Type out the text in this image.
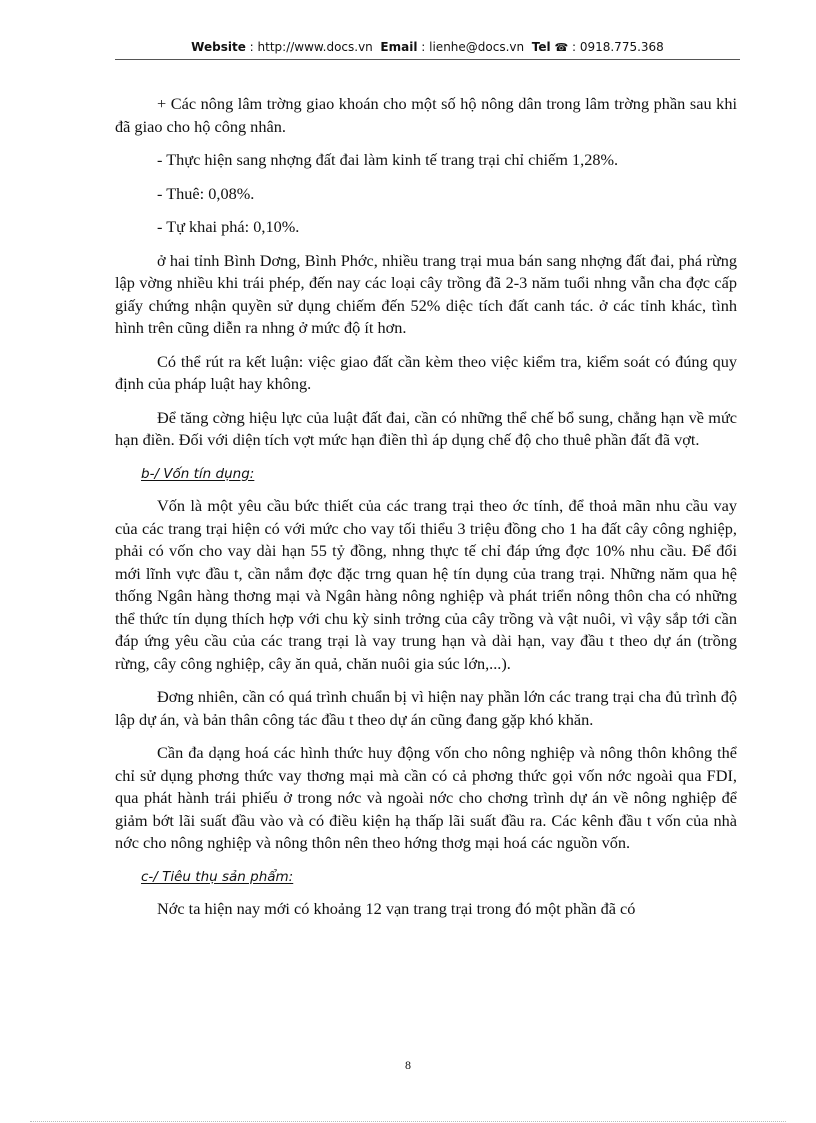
Website : http://www.docs.vn Email : lienhe@docs.vn Tel ☎ : 0918.775.368

+ Các nông lâm trờng giao khoán cho một số hộ nông dân trong lâm trờng phần sau khi đã giao cho hộ công nhân.

- Thực hiện sang nhợng đất đai làm kinh tế trang trại chỉ chiếm 1,28%.

- Thuê: 0,08%.

- Tự khai phá: 0,10%.

ở hai tỉnh Bình Dơng, Bình Phớc, nhiều trang trại mua bán sang nhợng đất đai, phá rừng lập vờng nhiều khi trái phép, đến nay các loại cây trồng đã 2-3 năm tuổi nhng vẫn cha đợc cấp giấy chứng nhận quyền sử dụng chiếm đến 52% diệc tích đất canh tác. ở các tỉnh khác, tình hình trên cũng diễn ra nhng ở mức độ ít hơn.

Có thể rút ra kết luận: việc giao đất cần kèm theo việc kiểm tra, kiểm soát có đúng quy định của pháp luật hay không.

Để tăng cờng hiệu lực của luật đất đai, cần có những thể chế bổ sung, chẳng hạn về mức hạn điền. Đối với diện tích vợt mức hạn điền thì áp dụng chế độ cho thuê phần đất đã vợt.

b-/ Vốn tín dụng:

Vốn là một yêu cầu bức thiết của các trang trại theo ớc tính, để thoả mãn nhu cầu vay của các trang trại hiện có với mức cho vay tối thiểu 3 triệu đồng cho 1 ha đất cây công nghiệp, phải có vốn cho vay dài hạn 55 tỷ đồng, nhng thực tế chỉ đáp ứng đợc 10% nhu cầu. Để đổi mới lĩnh vực đầu t, cần nắm đợc đặc trng quan hệ tín dụng của trang trại. Những năm qua hệ thống Ngân hàng thơng mại và Ngân hàng nông nghiệp và phát triển nông thôn cha có những thể thức tín dụng thích hợp với chu kỳ sinh trởng của cây trồng và vật nuôi, vì vậy sắp tới cần đáp ứng yêu cầu của các trang trại là vay trung hạn và dài hạn, vay đầu t theo dự án (trồng rừng, cây công nghiệp, cây ăn quả, chăn nuôi gia súc lớn,...).

Đơng nhiên, cần có quá trình chuẩn bị vì hiện nay phần lớn các trang trại cha đủ trình độ lập dự án, và bản thân công tác đầu t theo dự án cũng đang gặp khó khăn.

Cần đa dạng hoá các hình thức huy động vốn cho nông nghiệp và nông thôn không thể chỉ sử dụng phơng thức vay thơng mại mà cần có cả phơng thức gọi vốn nớc ngoài qua FDI, qua phát hành trái phiếu ở trong nớc và ngoài nớc cho chơng trình dự án về nông nghiệp để giảm bớt lãi suất đầu vào và có điều kiện hạ thấp lãi suất đầu ra. Các kênh đầu t vốn của nhà nớc cho nông nghiệp và nông thôn nên theo hớng thơg mại hoá các nguồn vốn.

c-/ Tiêu thụ sản phẩm:

Nớc ta hiện nay mới có khoảng 12 vạn trang trại trong đó một phần đã có

8
